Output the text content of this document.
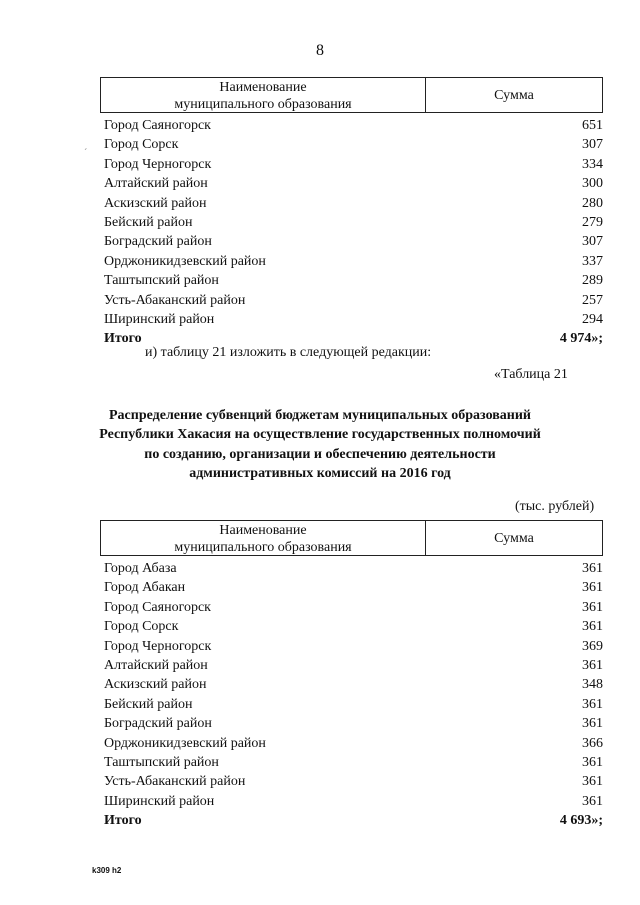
8
Наименование
муниципального образования
Сумма
Город Саяногорск	651
Город Сорск	307
Город Черногорск	334
Алтайский район	300
Аскизский район	280
Бейский район	279
Боградский район	307
Орджоникидзевский район	337
Таштыпский район	289
Усть-Абаканский район	257
Ширинский район	294
Итого	4 974»;
и) таблицу 21 изложить в следующей редакции:
«Таблица 21
Распределение субвенций бюджетам муниципальных образований
Республики Хакасия на осуществление государственных полномочий
по созданию, организации и обеспечению деятельности
административных комиссий на 2016 год
(тыс. рублей)
Наименование
муниципального образования
Сумма
Город Абаза	361
Город Абакан	361
Город Саяногорск	361
Город Сорск	361
Город Черногорск	369
Алтайский район	361
Аскизский район	348
Бейский район	361
Боградский район	361
Орджоникидзевский район	366
Таштыпский район	361
Усть-Абаканский район	361
Ширинский район	361
Итого	4 693»;
k309 h2
´
